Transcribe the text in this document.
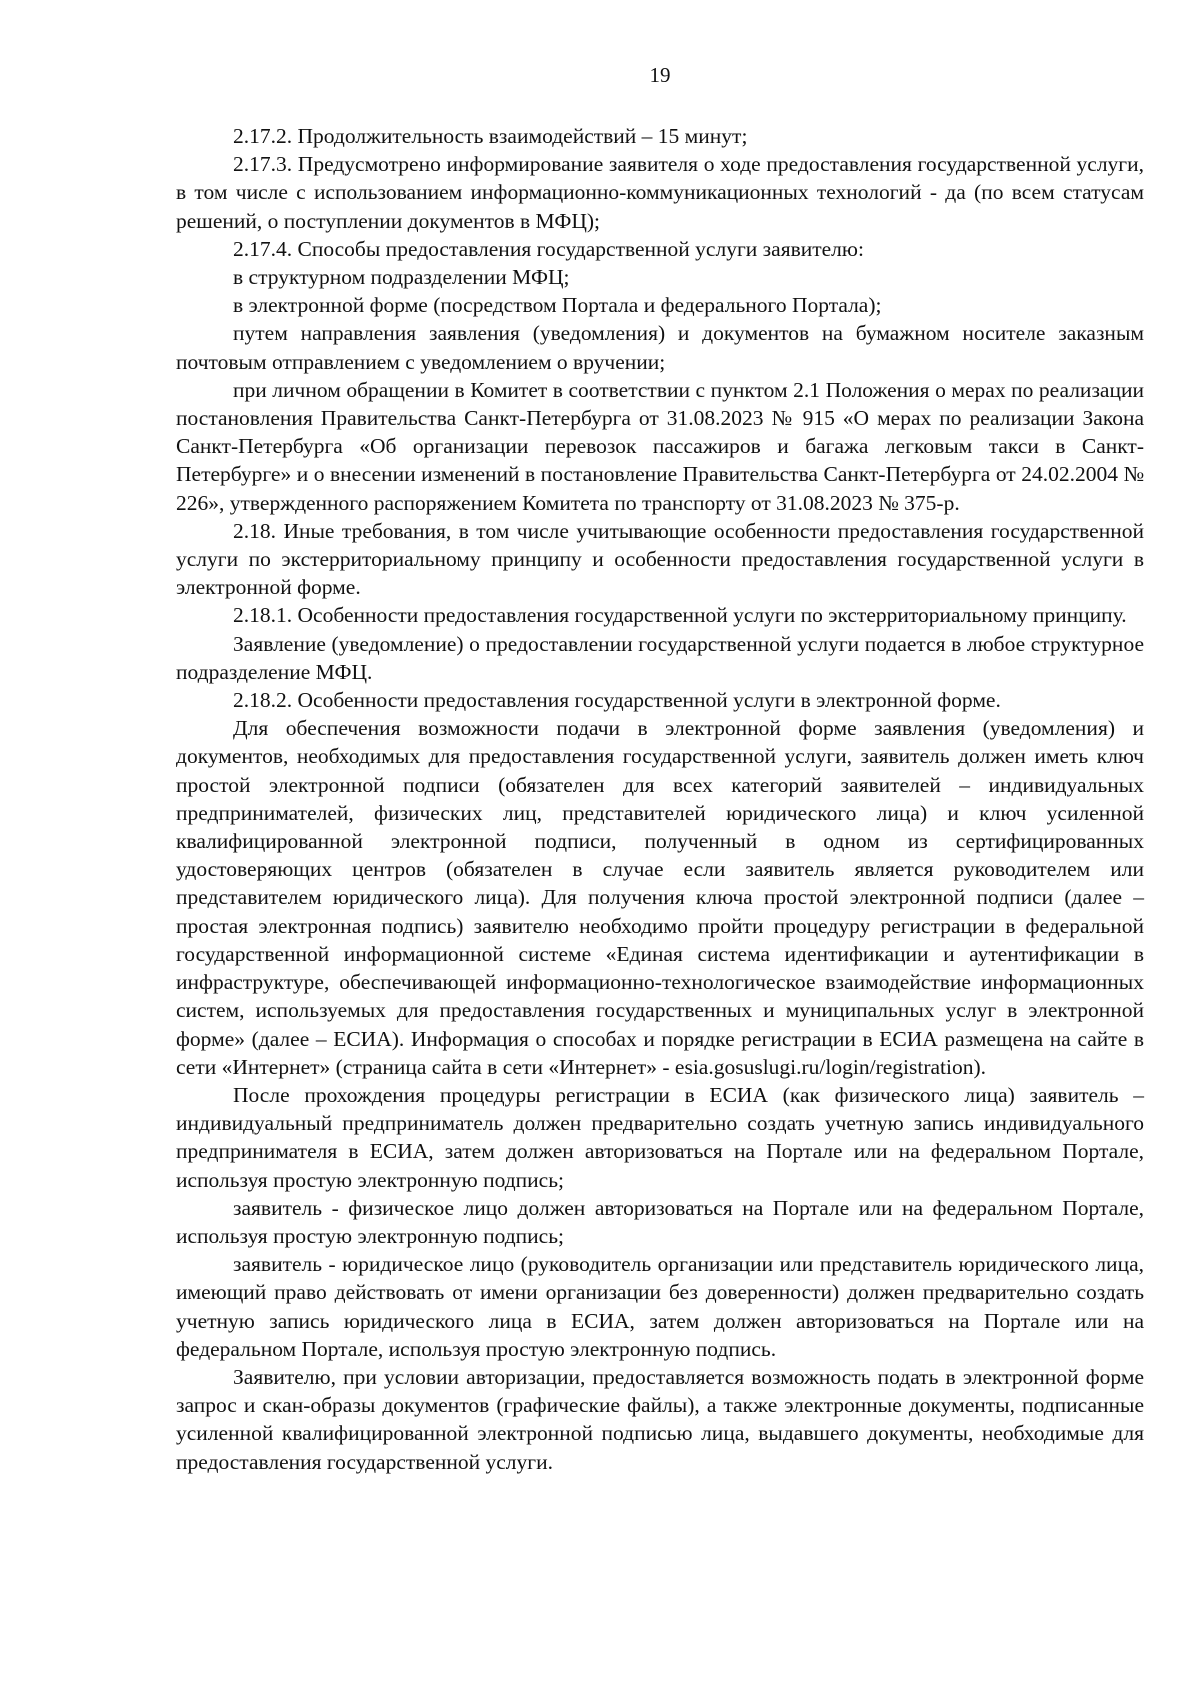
19

2.17.2. Продолжительность взаимодействий – 15 минут;

2.17.3. Предусмотрено информирование заявителя о ходе предоставления государственной услуги, в том числе с использованием информационно-коммуникационных технологий - да (по всем статусам решений, о поступлении документов в МФЦ);

2.17.4. Способы предоставления государственной услуги заявителю:

в структурном подразделении МФЦ;

в электронной форме (посредством Портала и федерального Портала);

путем направления заявления (уведомления) и документов на бумажном носителе заказным почтовым отправлением с уведомлением о вручении;

при личном обращении в Комитет в соответствии с пунктом 2.1 Положения о мерах по реализации постановления Правительства Санкт-Петербурга от 31.08.2023 № 915 «О мерах по реализации Закона Санкт-Петербурга «Об организации перевозок пассажиров и багажа легковым такси в Санкт-Петербурге» и о внесении изменений в постановление Правительства Санкт-Петербурга от 24.02.2004 № 226», утвержденного распоряжением Комитета по транспорту от 31.08.2023 № 375-р.

2.18. Иные требования, в том числе учитывающие особенности предоставления государственной услуги по экстерриториальному принципу и особенности предоставления государственной услуги в электронной форме.

2.18.1. Особенности предоставления государственной услуги по экстерриториальному принципу.

Заявление (уведомление) о предоставлении государственной услуги подается в любое структурное подразделение МФЦ.

2.18.2. Особенности предоставления государственной услуги в электронной форме.

Для обеспечения возможности подачи в электронной форме заявления (уведомления) и документов, необходимых для предоставления государственной услуги, заявитель должен иметь ключ простой электронной подписи (обязателен для всех категорий заявителей – индивидуальных предпринимателей, физических лиц, представителей юридического лица) и ключ усиленной квалифицированной электронной подписи, полученный в одном из сертифицированных удостоверяющих центров (обязателен в случае если заявитель является руководителем или представителем юридического лица). Для получения ключа простой электронной подписи (далее – простая электронная подпись) заявителю необходимо пройти процедуру регистрации в федеральной государственной информационной системе «Единая система идентификации и аутентификации в инфраструктуре, обеспечивающей информационно-технологическое взаимодействие информационных систем, используемых для предоставления государственных и муниципальных услуг в электронной форме» (далее – ЕСИА). Информация о способах и порядке регистрации в ЕСИА размещена на сайте в сети «Интернет» (страница сайта в сети «Интернет» - esia.gosuslugi.ru/login/registration).

После прохождения процедуры регистрации в ЕСИА (как физического лица) заявитель – индивидуальный предприниматель должен предварительно создать учетную запись индивидуального предпринимателя в ЕСИА, затем должен авторизоваться на Портале или на федеральном Портале, используя простую электронную подпись;

заявитель - физическое лицо должен авторизоваться на Портале или на федеральном Портале, используя простую электронную подпись;

заявитель - юридическое лицо (руководитель организации или представитель юридического лица, имеющий право действовать от имени организации без доверенности) должен предварительно создать учетную запись юридического лица в ЕСИА, затем должен авторизоваться на Портале или на федеральном Портале, используя простую электронную подпись.

Заявителю, при условии авторизации, предоставляется возможность подать в электронной форме запрос и скан-образы документов (графические файлы), а также электронные документы, подписанные усиленной квалифицированной электронной подписью лица, выдавшего документы, необходимые для предоставления государственной услуги.
